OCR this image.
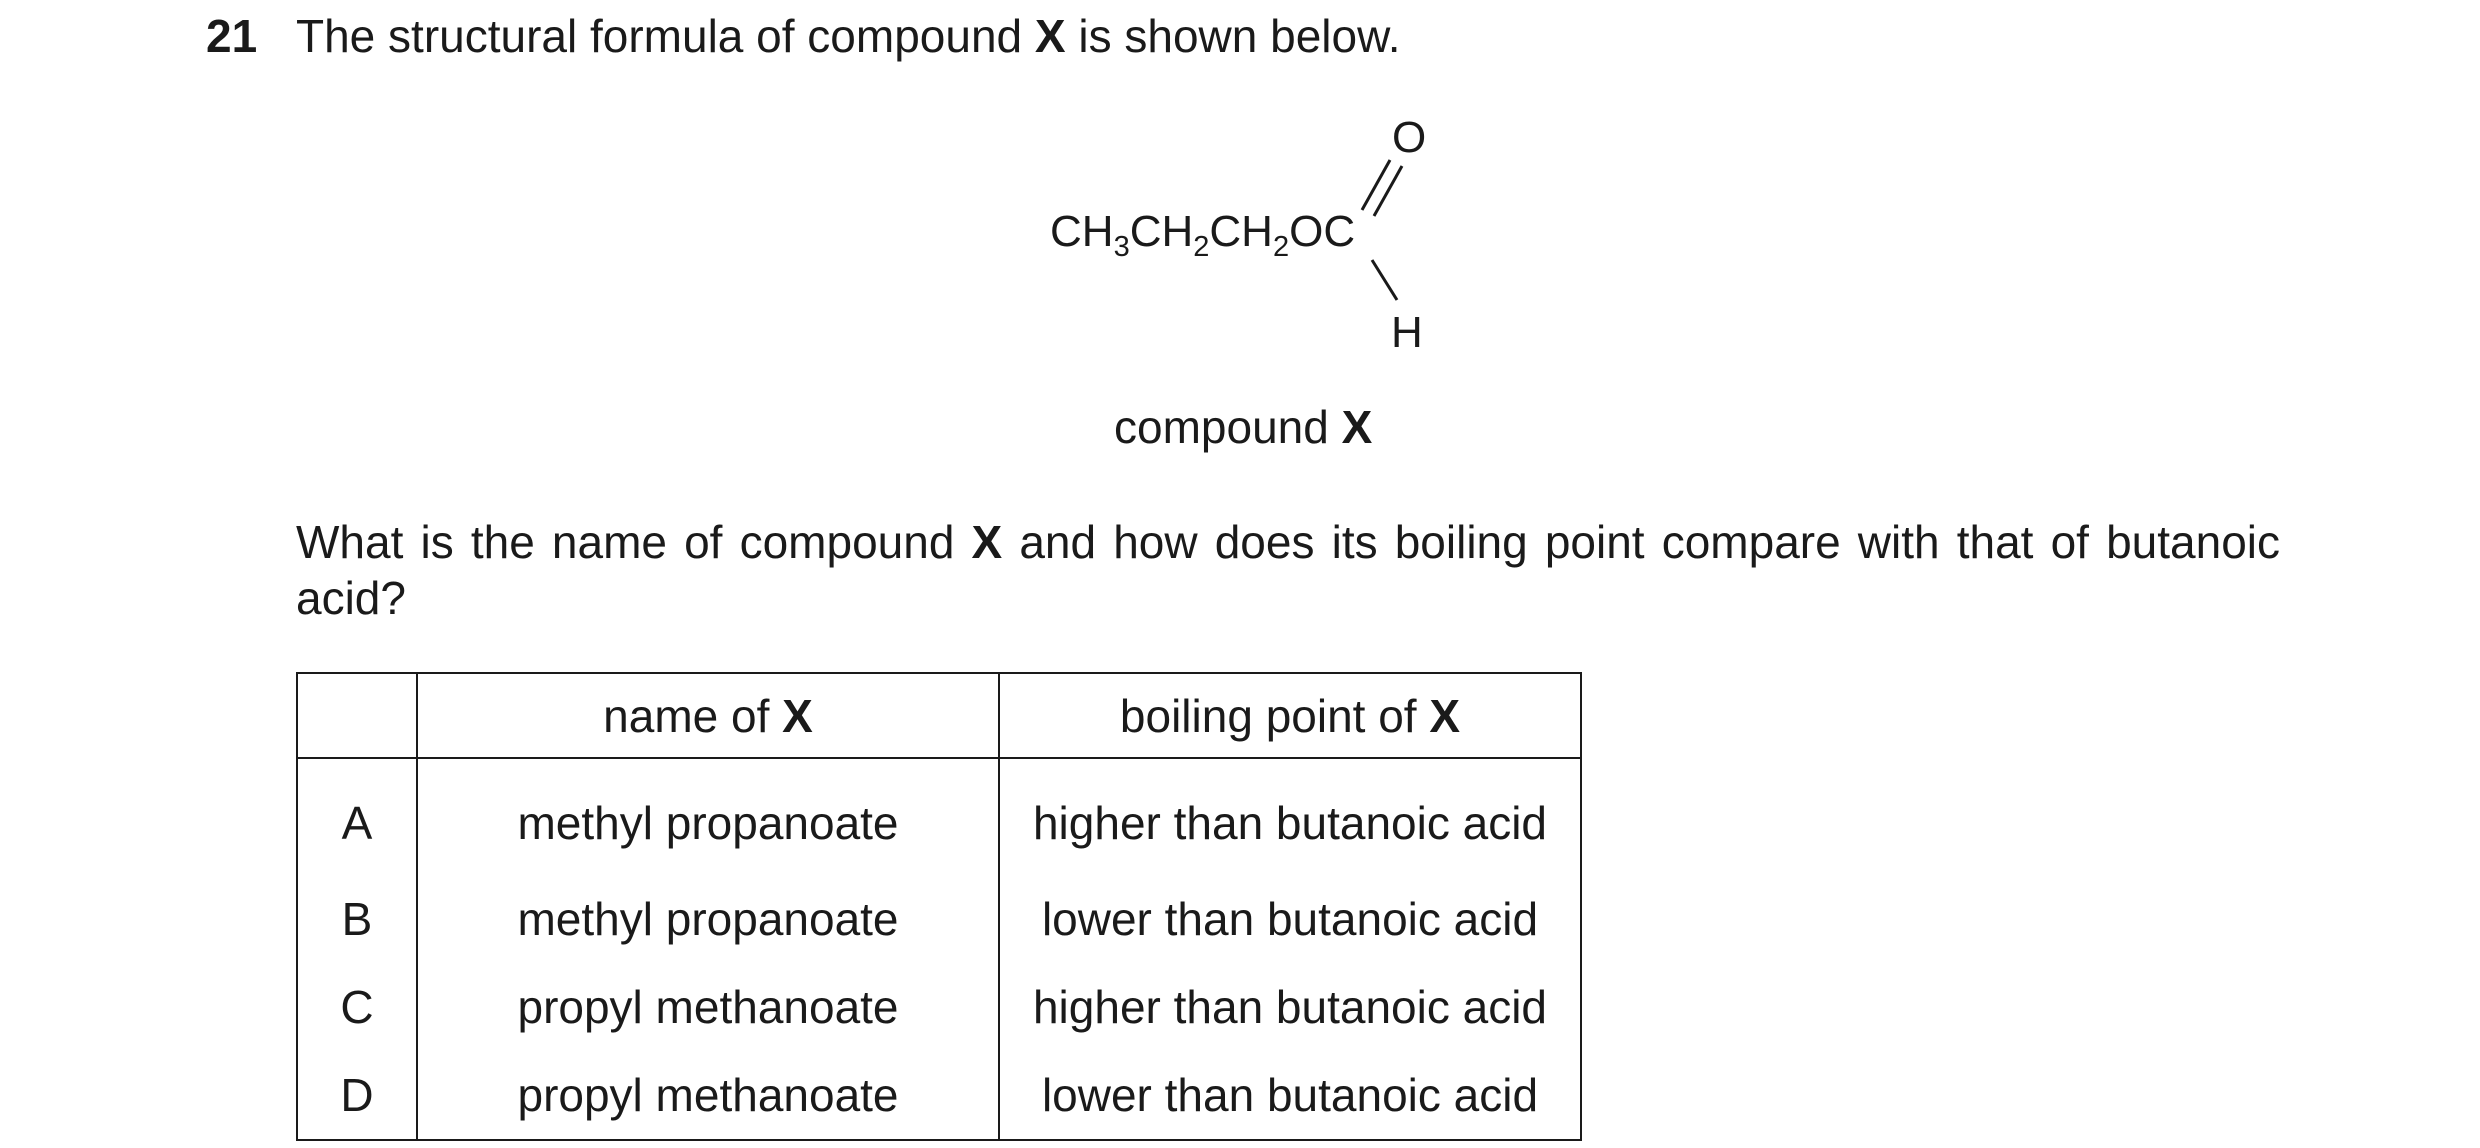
21 The structural formula of compound X is shown below.
$CH_3CH_2CH_2OC$
O
H
compound X
What is the name of compound X and how does its boiling point compare with that of butanoic acid?
	name of X	boiling point of X
A	methyl propanoate	higher than butanoic acid
B	methyl propanoate	lower than butanoic acid
C	propyl methanoate	higher than butanoic acid
D	propyl methanoate	lower than butanoic acid
